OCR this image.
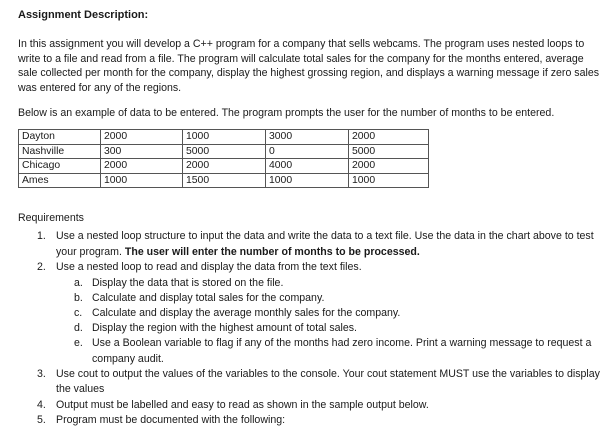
Assignment Description:
In this assignment you will develop a C++ program for a company that sells webcams. The program uses nested loops to write to a file and read from a file. The program will calculate total sales for the company for the months entered, average sale collected per month for the company, display the highest grossing region, and displays a warning message if zero sales was entered for any of the regions.
Below is an example of data to be entered. The program prompts the user for the number of months to be entered.
Dayton	2000	1000	3000	2000
Nashville	300	5000	0	5000
Chicago	2000	2000	4000	2000
Ames	1000	1500	1000	1000
Requirements
1. Use a nested loop structure to input the data and write the data to a text file. Use the data in the chart above to test your program. The user will enter the number of months to be processed.
2. Use a nested loop to read and display the data from the text files.
a. Display the data that is stored on the file.
b. Calculate and display total sales for the company.
c. Calculate and display the average monthly sales for the company.
d. Display the region with the highest amount of total sales.
e. Use a Boolean variable to flag if any of the months had zero income. Print a warning message to request a company audit.
3. Use cout to output the values of the variables to the console. Your cout statement MUST use the variables to display the values
4. Output must be labelled and easy to read as shown in the sample output below.
5. Program must be documented with the following:
